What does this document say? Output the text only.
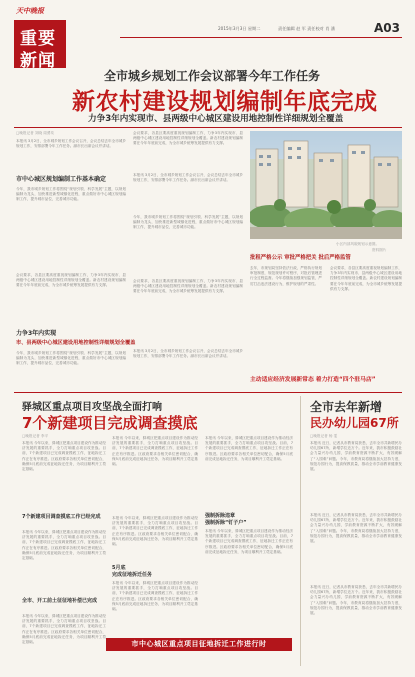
天中晚报
重要
新闻
2015年3月3日 星期二	责任编辑 赵 军 责任校对 肖 潘	A03
全市城乡规划工作会议部署今年工作任务
新农村建设规划编制年底完成
力争3年内实现市、县两级中心城区建设用地控制性详细规划全覆盖
□晚报记者 刘晓 周勇琰
本报讯 3月2日，全市城乡规划工作会议召开，会议总结去年全市城乡规划工作，安排部署今年工作任务。副市长出席会议并讲话。
市中心城区规划编制工作基本确定
今年，我市城乡规划工作将围绕“规划引领、科学发展”主题，以规划编制为龙头，加快推进新型城镇化进程，重点做好市中心城区规划编制工作，提升城市品位，完善城市功能。
会议要求，各县区要高度重视规划编制工作，力争3年内实现市、县两级中心城区建设用地控制性详细规划全覆盖。新农村建设规划编制要在今年年底前完成，为全市城乡统筹发展提供有力支撑。
力争3年内实现
市、县两级中心城区建设用地控制性详细规划全覆盖
今年，我市城乡规划工作将围绕“规划引领、科学发展”主题，以规划编制为龙头，加快推进新型城镇化进程，重点做好市中心城区规划编制工作，提升城市品位，完善城市功能。
会议要求，各县区要高度重视规划编制工作，力争3年内实现市、县两级中心城区建设用地控制性详细规划全覆盖。新农村建设规划编制要在今年年底前完成，为全市城乡统筹发展提供有力支撑。
本报讯 3月2日，全市城乡规划工作会议召开，会议总结去年全市城乡规划工作，安排部署今年工作任务。副市长出席会议并讲话。
今年，我市城乡规划工作将围绕“规划引领、科学发展”主题，以规划编制为龙头，加快推进新型城镇化进程，重点做好市中心城区规划编制工作，提升城市品位，完善城市功能。
会议要求，各县区要高度重视规划编制工作，力争3年内实现市、县两级中心城区建设用地控制性详细规划全覆盖。新农村建设规划编制要在今年年底前完成，为全市城乡统筹发展提供有力支撑。
本报讯 3月2日，全市城乡规划工作会议召开，会议总结去年全市城乡规划工作，安排部署今年工作任务。副市长出席会议并讲话。
小区内部风貌规划示意图。
资料图片
批租严格公示 审批严格把关 批后严格监管
去年，市规划局坚持依法行政，严格执行规划审批制度，规范规划许可程序，对批后管理进行全过程监督。今年将继续加强规划监管，严厉打击违法建设行为，维护规划的严肃性。
会议要求，各县区要高度重视规划编制工作，力争3年内实现市、县两级中心城区建设用地控制性详细规划全覆盖。新农村建设规划编制要在今年年底前完成，为全市城乡统筹发展提供有力支撑。
主动适应经济发展新常态 着力打造“四个驻马店”
驿城区重点项目攻坚战全面打响
7个新建项目完成调查摸底
□晚报记者 李平
本报讯 今年以来，驿城区把重点项目建设作为推动经济发展的重要抓手，全力打响重点项目攻坚战。目前，7个新建项目已完成调查摸底工作，征地拆迁工作正在有序推进。区政府要求各相关单位密切配合，确保5月底前完成征地拆迁任务，为项目顺利开工奠定基础。
7个新建项目调查摸底工作已经完成
本报讯 今年以来，驿城区把重点项目建设作为推动经济发展的重要抓手，全力打响重点项目攻坚战。目前，7个新建项目已完成调查摸底工作，征地拆迁工作正在有序推进。区政府要求各相关单位密切配合，确保5月底前完成征地拆迁任务，为项目顺利开工奠定基础。
全市、开工前土征征地补偿已完成
本报讯 今年以来，驿城区把重点项目建设作为推动经济发展的重要抓手，全力打响重点项目攻坚战。目前，7个新建项目已完成调查摸底工作，征地拆迁工作正在有序推进。区政府要求各相关单位密切配合，确保5月底前完成征地拆迁任务，为项目顺利开工奠定基础。
本报讯 今年以来，驿城区把重点项目建设作为推动经济发展的重要抓手，全力打响重点项目攻坚战。目前，7个新建项目已完成调查摸底工作，征地拆迁工作正在有序推进。区政府要求各相关单位密切配合，确保5月底前完成征地拆迁任务，为项目顺利开工奠定基础。
本报讯 今年以来，驿城区把重点项目建设作为推动经济发展的重要抓手，全力打响重点项目攻坚战。目前，7个新建项目已完成调查摸底工作，征地拆迁工作正在有序推进。区政府要求各相关单位密切配合，确保5月底前完成征地拆迁任务，为项目顺利开工奠定基础。
5月底
完成征地拆迁任务
本报讯 今年以来，驿城区把重点项目建设作为推动经济发展的重要抓手，全力打响重点项目攻坚战。目前，7个新建项目已完成调查摸底工作，征地拆迁工作正在有序推进。区政府要求各相关单位密切配合，确保5月底前完成征地拆迁任务，为项目顺利开工奠定基础。
本报讯 今年以来，驿城区把重点项目建设作为推动经济发展的重要抓手，全力打响重点项目攻坚战。目前，7个新建项目已完成调查摸底工作，征地拆迁工作正在有序推进。区政府要求各相关单位密切配合，确保5月底前完成征地拆迁任务，为项目顺利开工奠定基础。
强制拆除违章
强制拆除“钉子户”
本报讯 今年以来，驿城区把重点项目建设作为推动经济发展的重要抓手，全力打响重点项目攻坚战。目前，7个新建项目已完成调查摸底工作，征地拆迁工作正在有序推进。区政府要求各相关单位密切配合，确保5月底前完成征地拆迁任务，为项目顺利开工奠定基础。
市中心城区重点项目征地拆迁工作进行时
全市去年新增
民办幼儿园67所
□晚报记者 杨 雯
本报讯 近日，记者从市教育局获悉，去年全市共新增民办幼儿园67所，新增学位近万个。近年来，我市积极鼓励社会力量兴办幼儿园，学前教育资源不断扩大，有效缓解了“入园难”问题。今年，市教育局将继续加大扶持力度，规范办园行为，提高保教质量，推动全市学前教育健康发展。
本报讯 近日，记者从市教育局获悉，去年全市共新增民办幼儿园67所，新增学位近万个。近年来，我市积极鼓励社会力量兴办幼儿园，学前教育资源不断扩大，有效缓解了“入园难”问题。今年，市教育局将继续加大扶持力度，规范办园行为，提高保教质量，推动全市学前教育健康发展。
本报讯 近日，记者从市教育局获悉，去年全市共新增民办幼儿园67所，新增学位近万个。近年来，我市积极鼓励社会力量兴办幼儿园，学前教育资源不断扩大，有效缓解了“入园难”问题。今年，市教育局将继续加大扶持力度，规范办园行为，提高保教质量，推动全市学前教育健康发展。
